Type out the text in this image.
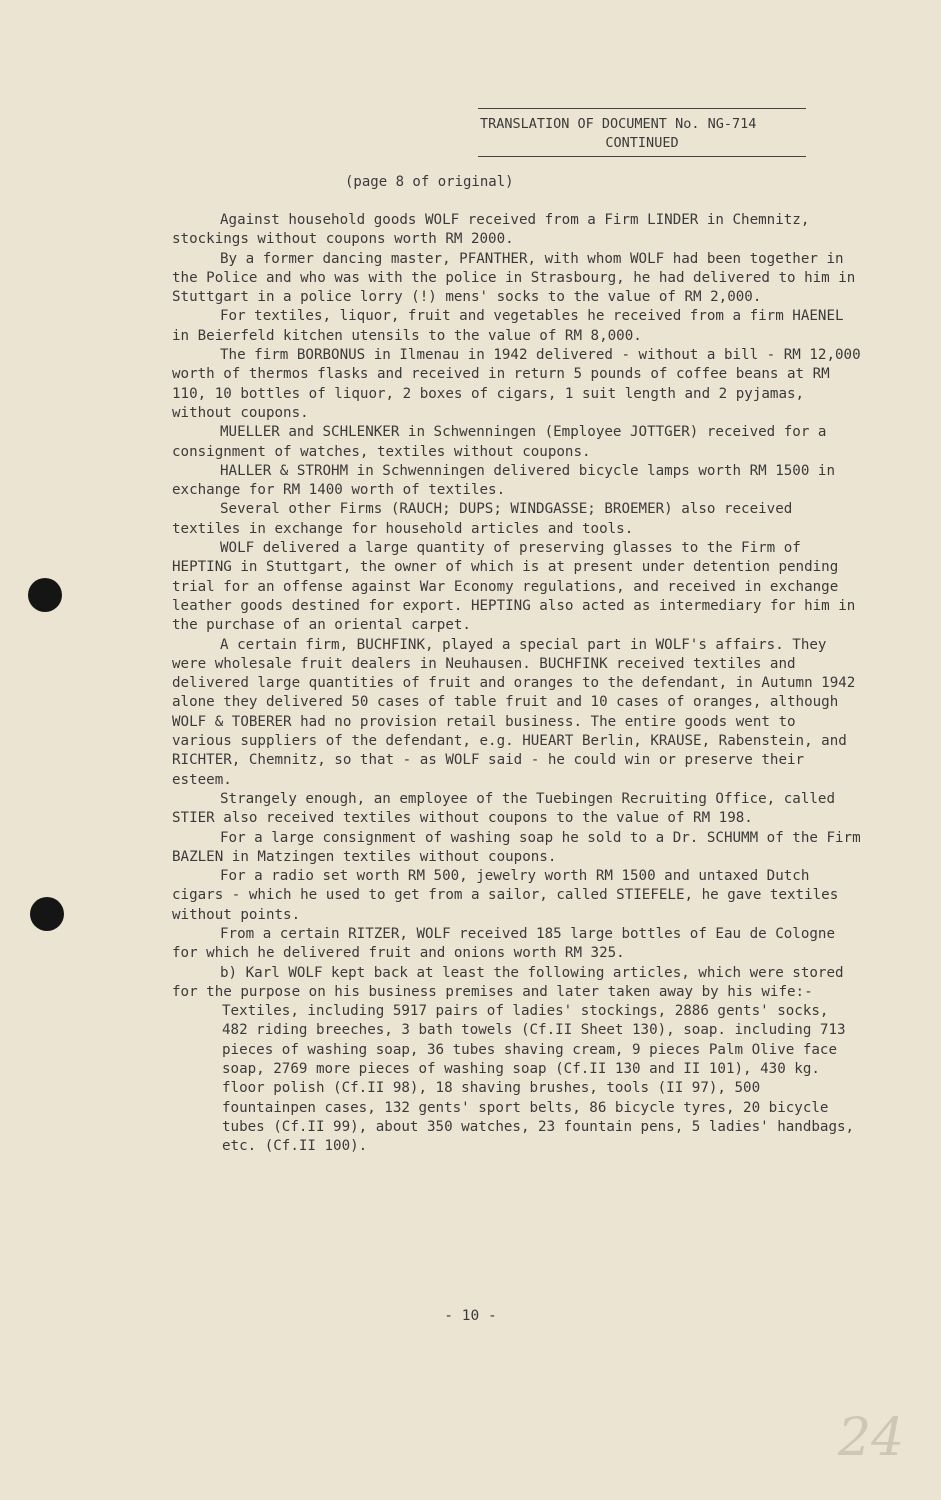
TRANSLATION OF DOCUMENT No. NG-714
CONTINUED
(page 8 of original)

Against household goods WOLF received from a Firm LINDER in Chemnitz, stockings without coupons worth RM 2000.

By a former dancing master, PFANTHER, with whom WOLF had been together in the Police and who was with the police in Strasbourg, he had delivered to him in Stuttgart in a police lorry (!) mens' socks to the value of RM 2,000.

For textiles, liquor, fruit and vegetables he received from a firm HAENEL in Beierfeld kitchen utensils to the value of RM 8,000.

The firm BORBONUS in Ilmenau in 1942 delivered - without a bill - RM 12,000 worth of thermos flasks and received in return 5 pounds of coffee beans at RM 110, 10 bottles of liquor, 2 boxes of cigars, 1 suit length and 2 pyjamas, without coupons.

MUELLER and SCHLENKER in Schwenningen (Employee JOTTGER) received for a consignment of watches, textiles without coupons.

HALLER & STROHM in Schwenningen delivered bicycle lamps worth RM 1500 in exchange for RM 1400 worth of textiles.

Several other Firms (RAUCH; DUPS; WINDGASSE; BROEMER) also received textiles in exchange for household articles and tools.

WOLF delivered a large quantity of preserving glasses to the Firm of HEPTING in Stuttgart, the owner of which is at present under detention pending trial for an offense against War Economy regulations, and received in exchange leather goods destined for export. HEPTING also acted as intermediary for him in the purchase of an oriental carpet.

A certain firm, BUCHFINK, played a special part in WOLF's affairs. They were wholesale fruit dealers in Neuhausen. BUCHFINK received textiles and delivered large quantities of fruit and oranges to the defendant, in Autumn 1942 alone they delivered 50 cases of table fruit and 10 cases of oranges, although WOLF & TOBERER had no provision retail business. The entire goods went to various suppliers of the defendant, e.g. HUEART Berlin, KRAUSE, Rabenstein, and RICHTER, Chemnitz, so that - as WOLF said - he could win or preserve their esteem.

Strangely enough, an employee of the Tuebingen Recruiting Office, called STIER also received textiles without coupons to the value of RM 198.

For a large consignment of washing soap he sold to a Dr. SCHUMM of the Firm BAZLEN in Matzingen textiles without coupons.

For a radio set worth RM 500, jewelry worth RM 1500 and untaxed Dutch cigars - which he used to get from a sailor, called STIEFELE, he gave textiles without points.

From a certain RITZER, WOLF received 185 large bottles of Eau de Cologne for which he delivered fruit and onions worth RM 325.

b) Karl WOLF kept back at least the following articles, which were stored for the purpose on his business premises and later taken away by his wife:-

Textiles, including 5917 pairs of ladies' stockings, 2886 gents' socks, 482 riding breeches, 3 bath towels (Cf.II Sheet 130), soap. including 713 pieces of washing soap, 36 tubes shaving cream, 9 pieces Palm Olive face soap, 2769 more pieces of washing soap (Cf.II 130 and II 101), 430 kg. floor polish (Cf.II 98), 18 shaving brushes, tools (II 97), 500 fountainpen cases, 132 gents' sport belts, 86 bicycle tyres, 20 bicycle tubes (Cf.II 99), about 350 watches, 23 fountain pens, 5 ladies' handbags, etc. (Cf.II 100).

- 10 -
24
